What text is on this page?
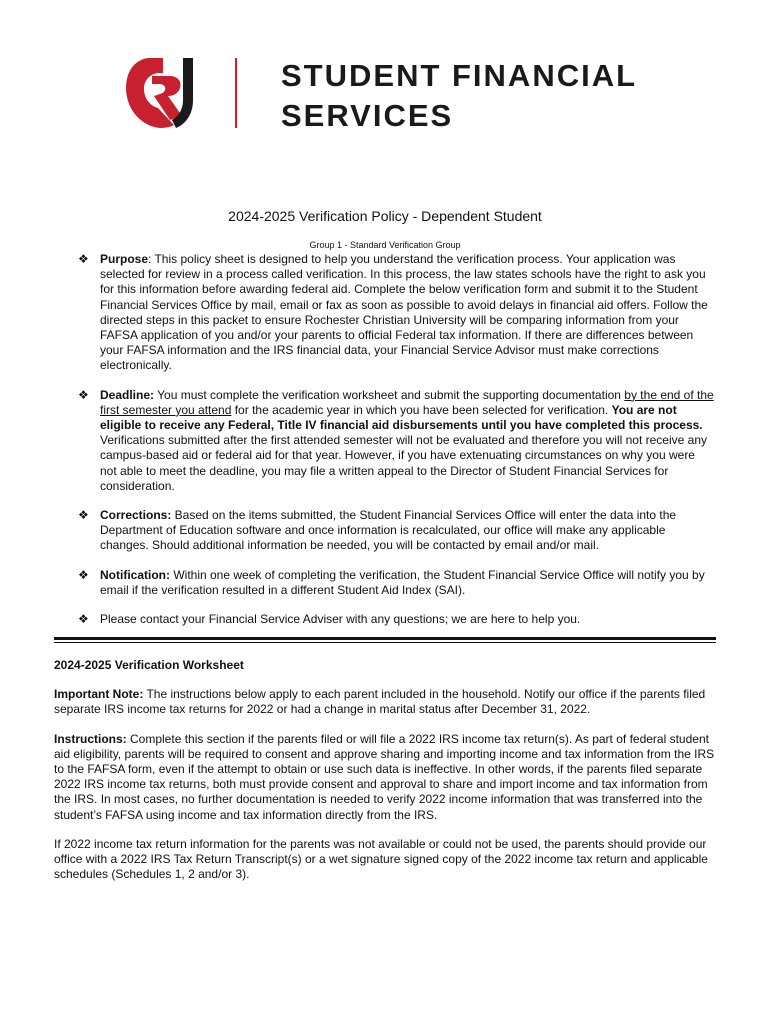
STUDENT FINANCIAL
SERVICES
2024-2025 Verification Policy - Dependent Student
Group 1 - Standard Verification Group
❖ Purpose: This policy sheet is designed to help you understand the verification process. Your application was selected for review in a process called verification. In this process, the law states schools have the right to ask you for this information before awarding federal aid. Complete the below verification form and submit it to the Student Financial Services Office by mail, email or fax as soon as possible to avoid delays in financial aid offers. Follow the directed steps in this packet to ensure Rochester Christian University will be comparing information from your FAFSA application of you and/or your parents to official Federal tax information. If there are differences between your FAFSA information and the IRS financial data, your Financial Service Advisor must make corrections electronically.
❖ Deadline: You must complete the verification worksheet and submit the supporting documentation by the end of the first semester you attend for the academic year in which you have been selected for verification. You are not eligible to receive any Federal, Title IV financial aid disbursements until you have completed this process. Verifications submitted after the first attended semester will not be evaluated and therefore you will not receive any campus-based aid or federal aid for that year. However, if you have extenuating circumstances on why you were not able to meet the deadline, you may file a written appeal to the Director of Student Financial Services for consideration.
❖ Corrections: Based on the items submitted, the Student Financial Services Office will enter the data into the Department of Education software and once information is recalculated, our office will make any applicable changes. Should additional information be needed, you will be contacted by email and/or mail.
❖ Notification: Within one week of completing the verification, the Student Financial Service Office will notify you by email if the verification resulted in a different Student Aid Index (SAI).
❖ Please contact your Financial Service Adviser with any questions; we are here to help you.

2024-2025 Verification Worksheet

Important Note: The instructions below apply to each parent included in the household. Notify our office if the parents filed separate IRS income tax returns for 2022 or had a change in marital status after December 31, 2022.

Instructions: Complete this section if the parents filed or will file a 2022 IRS income tax return(s). As part of federal student aid eligibility, parents will be required to consent and approve sharing and importing income and tax information from the IRS to the FAFSA form, even if the attempt to obtain or use such data is ineffective. In other words, if the parents filed separate 2022 IRS income tax returns, both must provide consent and approval to share and import income and tax information from the IRS. In most cases, no further documentation is needed to verify 2022 income information that was transferred into the student’s FAFSA using income and tax information directly from the IRS.

If 2022 income tax return information for the parents was not available or could not be used, the parents should provide our office with a 2022 IRS Tax Return Transcript(s) or a wet signature signed copy of the 2022 income tax return and applicable schedules (Schedules 1, 2 and/or 3).
